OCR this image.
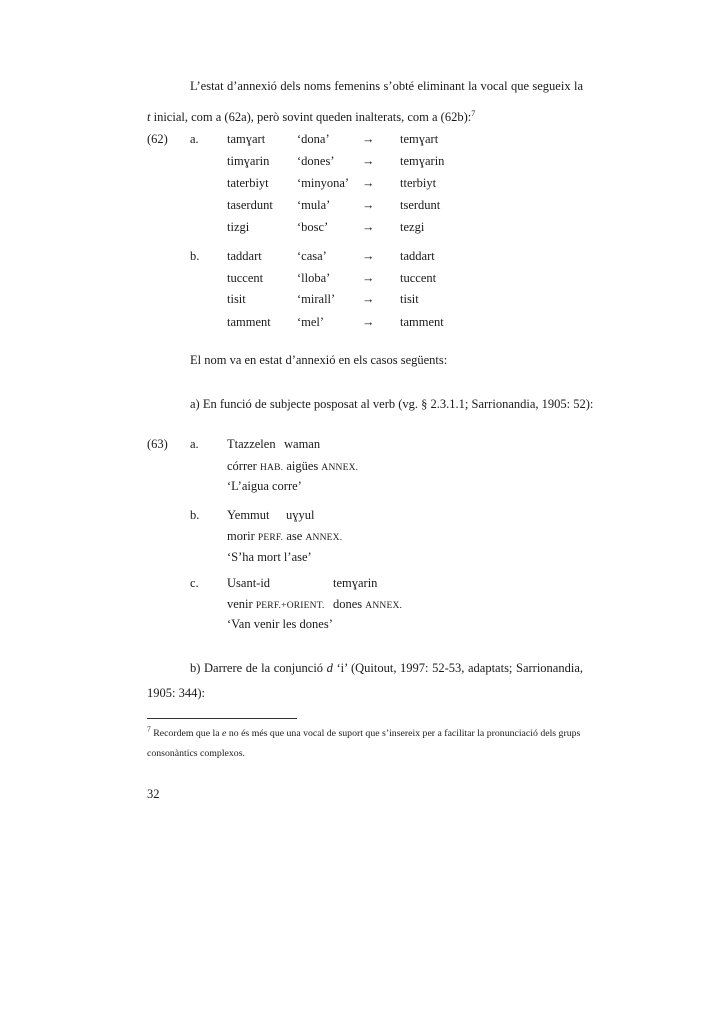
L’estat d’annexió dels noms femenins s’obté eliminant la vocal que segueix la t inicial, com a (62a), però sovint queden inalterats, com a (62b):$^7$
(62) a.
b.
tamɣart	‘dona’	→ temɣart
timɣarin ‘dones’ → temɣarin
taterbiyt ‘minyona’ → tterbiyt
taserdunt ‘mula’	→ tserdunt
tizgi	‘bosc’	→ tezgi
taddart	‘casa’	→ taddart
tuccent	‘lloba’	→ tuccent
tisit	‘mirall’ → tisit
tamment ‘mel’	→ tamment
El nom va en estat d’annexió en els casos següents:
a) En funció de subjecte posposat al verb (vg. § 2.3.1.1; Sarrionandia, 1905: 52):
(63) a. Ttazzelen waman
córrer HAB. aigües ANNEX.
‘L’aigua corre’
b. Yemmut uɣyul
morir PERF. ase ANNEX.
‘S’ha mort l’ase’
c. Usant-id	temɣarin
venir PERF.+ORIENT. dones ANNEX.
‘Van venir les dones’
b) Darrere de la conjunció d ‘i’ (Quitout, 1997: 52-53, adaptats; Sarrionandia, 1905: 344):
$^7$ Recordem que la e no és més que una vocal de suport que s’insereix per a facilitar la pronunciació dels grups consonàntics complexos.
32
